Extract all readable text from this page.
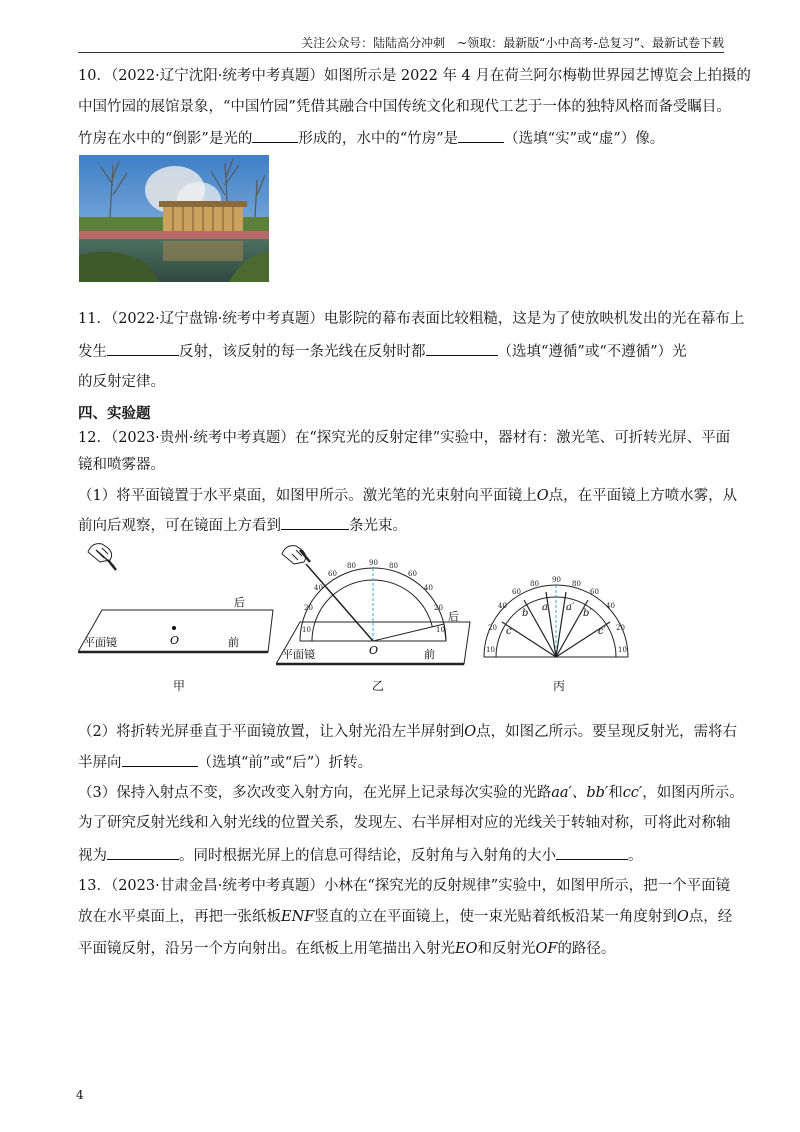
关注公众号：陆陆高分冲刺　~领取：最新版“小中高考-总复习”、最新试卷下载
10．（2022·辽宁沈阳·统考中考真题）如图所示是 2022 年 4 月在荷兰阿尔梅勒世界园艺博览会上拍摄的
中国竹园的展馆景象，“中国竹园”凭借其融合中国传统文化和现代工艺于一体的独特风格而备受瞩目。
竹房在水中的“倒影”是光的	形成的，水中的“竹房”是	（选填“实”或“虚”）像。
11．（2022·辽宁盘锦·统考中考真题）电影院的幕布表面比较粗糙，这是为了使放映机发出的光在幕布上
发生	反射，该反射的每一条光线在反射时都	（选填“遵循”或“不遵循”）光
的反射定律。
四、实验题
12．（2023·贵州·统考中考真题）在“探究光的反射定律”实验中，器材有：激光笔、可折转光屏、平面
镜和喷雾器。
（1）将平面镜置于水平桌面，如图甲所示。激光笔的光束射向平面镜上O点，在平面镜上方喷水雾，从
前向后观察，可在镜面上方看到	条光束。
O
平面镜
后
前
甲
90
80
60
40
20
10
80
60
40
20
10
O
平面镜
后
前
乙
90
80
60
40
20
10
80
60
40
20
10
a a′
b	b′
c	c′
丙
（2）将折转光屏垂直于平面镜放置，让入射光沿左半屏射到O点，如图乙所示。要呈现反射光，需将右
半屏向	（选填“前”或“后”）折转。
（3）保持入射点不变，多次改变入射方向，在光屏上记录每次实验的光路aa′、bb′和cc′，如图丙所示。
为了研究反射光线和入射光线的位置关系，发现左、右半屏相对应的光线关于转轴对称，可将此对称轴
视为	。同时根据光屏上的信息可得结论，反射角与入射角的大小	。
13．（2023·甘肃金昌·统考中考真题）小林在“探究光的反射规律”实验中，如图甲所示，把一个平面镜
放在水平桌面上，再把一张纸板ENF竖直的立在平面镜上，使一束光贴着纸板沿某一角度射到O点，经
平面镜反射，沿另一个方向射出。在纸板上用笔描出入射光EO和反射光OF的路径。
4
